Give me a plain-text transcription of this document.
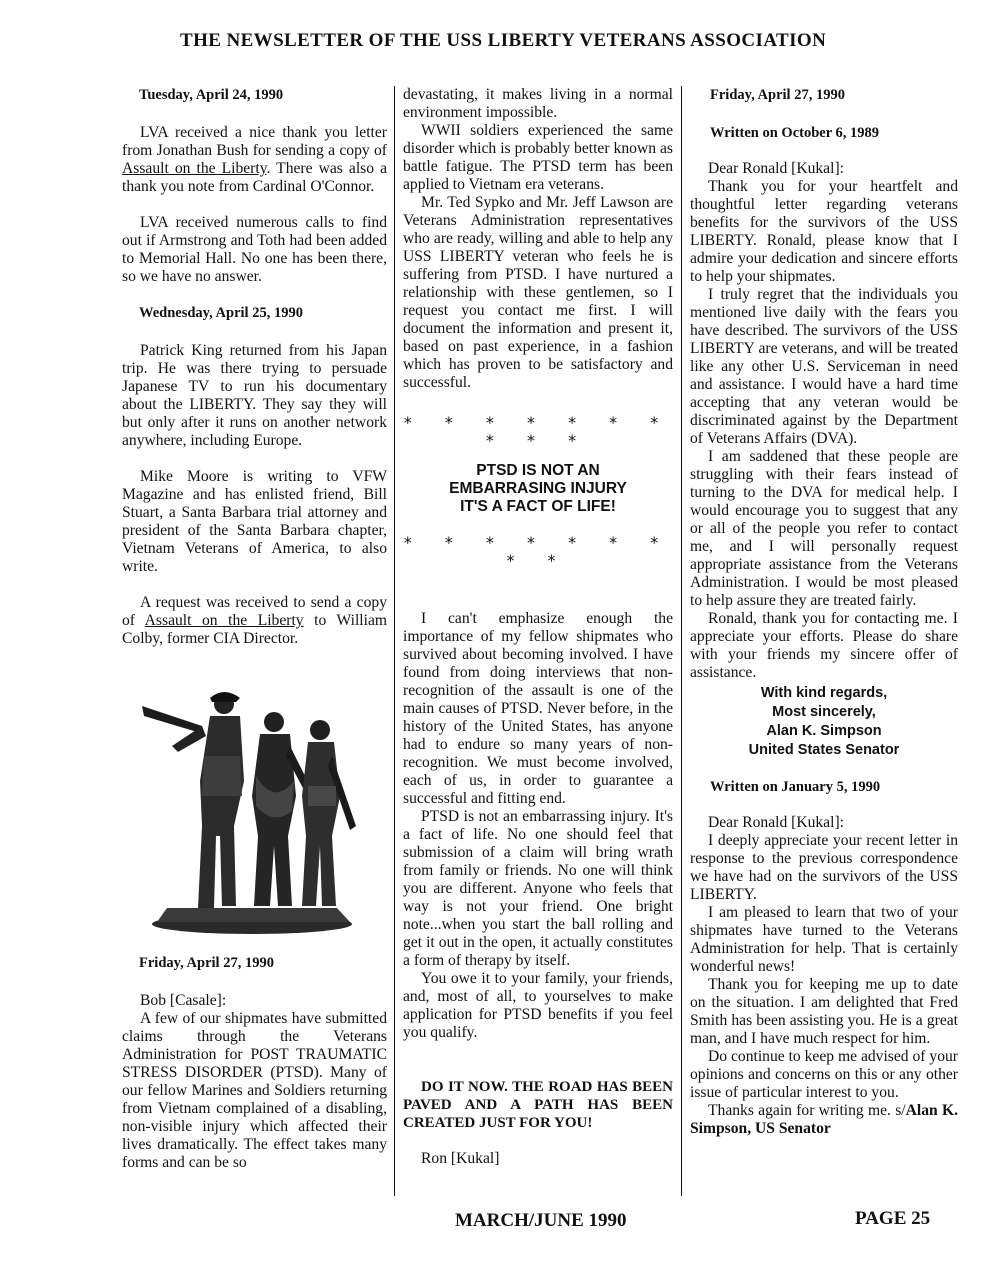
THE NEWSLETTER OF THE USS LIBERTY VETERANS ASSOCIATION

Tuesday, April 24, 1990

LVA received a nice thank you letter from Jonathan Bush for sending a copy of Assault on the Liberty. There was also a thank you note from Cardinal O'Connor.

LVA received numerous calls to find out if Armstrong and Toth had been added to Memorial Hall. No one has been there, so we have no answer.

Wednesday, April 25, 1990

Patrick King returned from his Japan trip. He was there trying to persuade Japanese TV to run his documentary about the LIBERTY. They say they will but only after it runs on another network anywhere, including Europe.

Mike Moore is writing to VFW Magazine and has enlisted friend, Bill Stuart, a Santa Barbara trial attorney and president of the Santa Barbara chapter, Vietnam Veterans of America, to also write.

A request was received to send a copy of Assault on the Liberty to William Colby, former CIA Director.

Friday, April 27, 1990

Bob [Casale]:

A few of our shipmates have submitted claims through the Veterans Administration for POST TRAUMATIC STRESS DISORDER (PTSD). Many of our fellow Marines and Soldiers returning from Vietnam complained of a disabling, non-visible injury which affected their lives dramatically. The effect takes many forms and can be so

devastating, it makes living in a normal environment impossible.

WWII soldiers experienced the same disorder which is probably better known as battle fatigue. The PTSD term has been applied to Vietnam era veterans.

Mr. Ted Sypko and Mr. Jeff Lawson are Veterans Administration representatives who are ready, willing and able to help any USS LIBERTY veteran who feels he is suffering from PTSD. I have nurtured a relationship with these gentlemen, so I request you contact me first. I will document the information and present it, based on past experience, in a fashion which has proven to be satisfactory and successful.

* * * * * * * * * *

PTSD IS NOT AN
EMBARRASING INJURY
IT'S A FACT OF LIFE!

* * * * * * * * *

I can't emphasize enough the importance of my fellow shipmates who survived about becoming involved. I have found from doing interviews that non-recognition of the assault is one of the main causes of PTSD. Never before, in the history of the United States, has anyone had to endure so many years of non-recognition. We must become involved, each of us, in order to guarantee a successful and fitting end.

PTSD is not an embarrassing injury. It's a fact of life. No one should feel that submission of a claim will bring wrath from family or friends. No one will think you are different. Anyone who feels that way is not your friend. One bright note...when you start the ball rolling and get it out in the open, it actually constitutes a form of therapy by itself.

You owe it to your family, your friends, and, most of all, to yourselves to make application for PTSD benefits if you feel you qualify.

DO IT NOW. THE ROAD HAS BEEN PAVED AND A PATH HAS BEEN CREATED JUST FOR YOU!

Ron [Kukal]

Friday, April 27, 1990

Written on October 6, 1989

Dear Ronald [Kukal]:

Thank you for your heartfelt and thoughtful letter regarding veterans benefits for the survivors of the USS LIBERTY. Ronald, please know that I admire your dedication and sincere efforts to help your shipmates.

I truly regret that the individuals you mentioned live daily with the fears you have described. The survivors of the USS LIBERTY are veterans, and will be treated like any other U.S. Serviceman in need and assistance. I would have a hard time accepting that any veteran would be discriminated against by the Department of Veterans Affairs (DVA).

I am saddened that these people are struggling with their fears instead of turning to the DVA for medical help. I would encourage you to suggest that any or all of the people you refer to contact me, and I will personally request appropriate assistance from the Veterans Administration. I would be most pleased to help assure they are treated fairly.

Ronald, thank you for contacting me. I appreciate your efforts. Please do share with your friends my sincere offer of assistance.

With kind regards,
Most sincerely,
Alan K. Simpson
United States Senator

Written on January 5, 1990

Dear Ronald [Kukal]:

I deeply appreciate your recent letter in response to the previous correspondence we have had on the survivors of the USS LIBERTY.

I am pleased to learn that two of your shipmates have turned to the Veterans Administration for help. That is certainly wonderful news!

Thank you for keeping me up to date on the situation. I am delighted that Fred Smith has been assisting you. He is a great man, and I have much respect for him.

Do continue to keep me advised of your opinions and concerns on this or any other issue of particular interest to you.

Thanks again for writing me. s/Alan K. Simpson, US Senator

MARCH/JUNE 1990	PAGE 25
